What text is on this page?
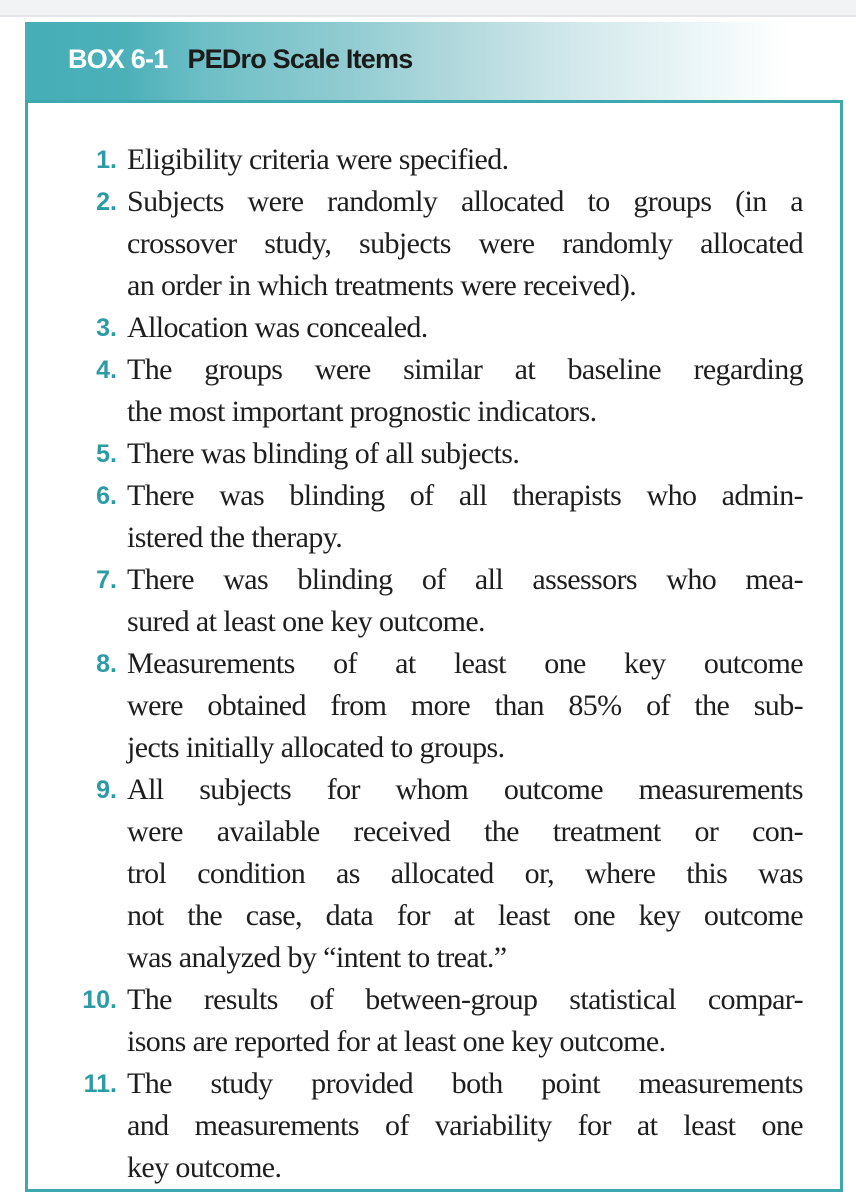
BOX 6-1 PEDro Scale Items
1. Eligibility criteria were specified.
2. Subjects were randomly allocated to groups (in a
crossover study, subjects were randomly allocated
an order in which treatments were received).
3. Allocation was concealed.
4. The groups were similar at baseline regarding
the most important prognostic indicators.
5. There was blinding of all subjects.
6. There was blinding of all therapists who admin-
istered the therapy.
7. There was blinding of all assessors who mea-
sured at least one key outcome.
8. Measurements of at least one key outcome
were obtained from more than 85% of the sub-
jects initially allocated to groups.
9. All subjects for whom outcome measurements
were available received the treatment or con-
trol condition as allocated or, where this was
not the case, data for at least one key outcome
was analyzed by “intent to treat.”
10. The results of between-group statistical compar-
isons are reported for at least one key outcome.
11. The study provided both point measurements
and measurements of variability for at least one
key outcome.
